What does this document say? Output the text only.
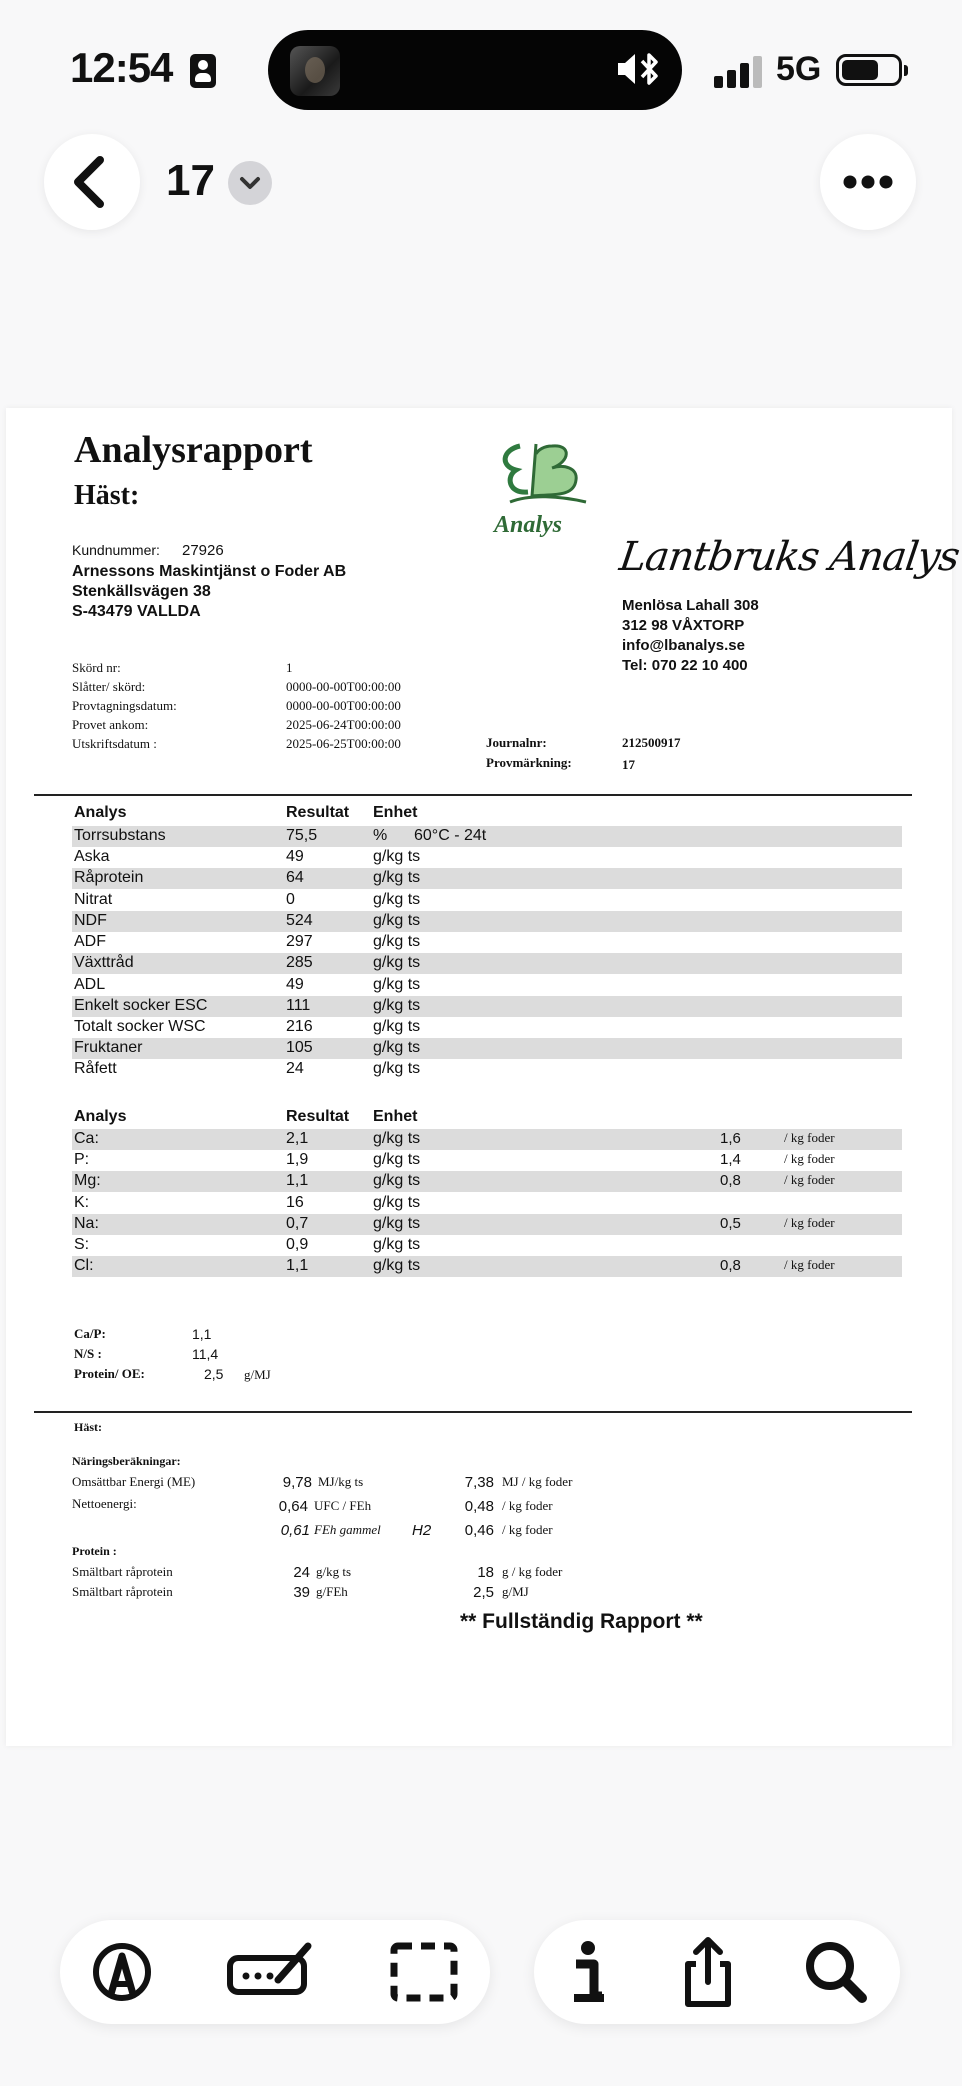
12:54	5G
17
Analysrapport
Häst:
Analys
Lantbruks Analys
Menlösa Lahall 308
312 98 VÅXTORP
info@lbanalys.se
Tel: 070 22 10 400
Kundnummer: 27926
Arnessons Maskintjänst o Foder AB
Stenkällsvägen 38
S-43479 VALLDA
Skörd nr:	1
Slåtter/ skörd:	0000-00-00T00:00:00
Provtagningsdatum:	0000-00-00T00:00:00
Provet ankom:	2025-06-24T00:00:00
Utskriftsdatum :	2025-06-25T00:00:00	Journalnr:	212500917
Provmärkning:	17
Analys	Resultat Enhet
Torrsubstans	75,5	% 60°C - 24t
Aska	49	g/kg ts
Råprotein	64	g/kg ts
Nitrat	0	g/kg ts
NDF	524	g/kg ts
ADF	297	g/kg ts
Växttråd	285	g/kg ts
ADL	49	g/kg ts
Enkelt socker ESC	111	g/kg ts
Totalt socker WSC	216	g/kg ts
Fruktaner	105	g/kg ts
Råfett	24	g/kg ts
Analys	Resultat Enhet
Ca:	2,1	g/kg ts	1,6	/ kg foder
P:	1,9	g/kg ts	1,4	/ kg foder
Mg:	1,1	g/kg ts	0,8	/ kg foder
K:	16	g/kg ts
Na:	0,7	g/kg ts	0,5	/ kg foder
S:	0,9	g/kg ts
Cl:	1,1	g/kg ts	0,8	/ kg foder
Ca/P:	1,1
N/S :	11,4
Protein/ OE:	2,5 g/MJ
Häst:
Näringsberäkningar:
Omsättbar Energi (ME)	9,78 MJ/kg ts	7,38 MJ / kg foder
Nettoenergi:	0,64 UFC / FEh	0,48 / kg foder
0,61 FEh gammel H2	0,46 / kg foder
Protein :
Smältbart råprotein	24 g/kg ts	18 g / kg foder
Smältbart råprotein	39 g/FEh	2,5 g/MJ
** Fullständig Rapport **
